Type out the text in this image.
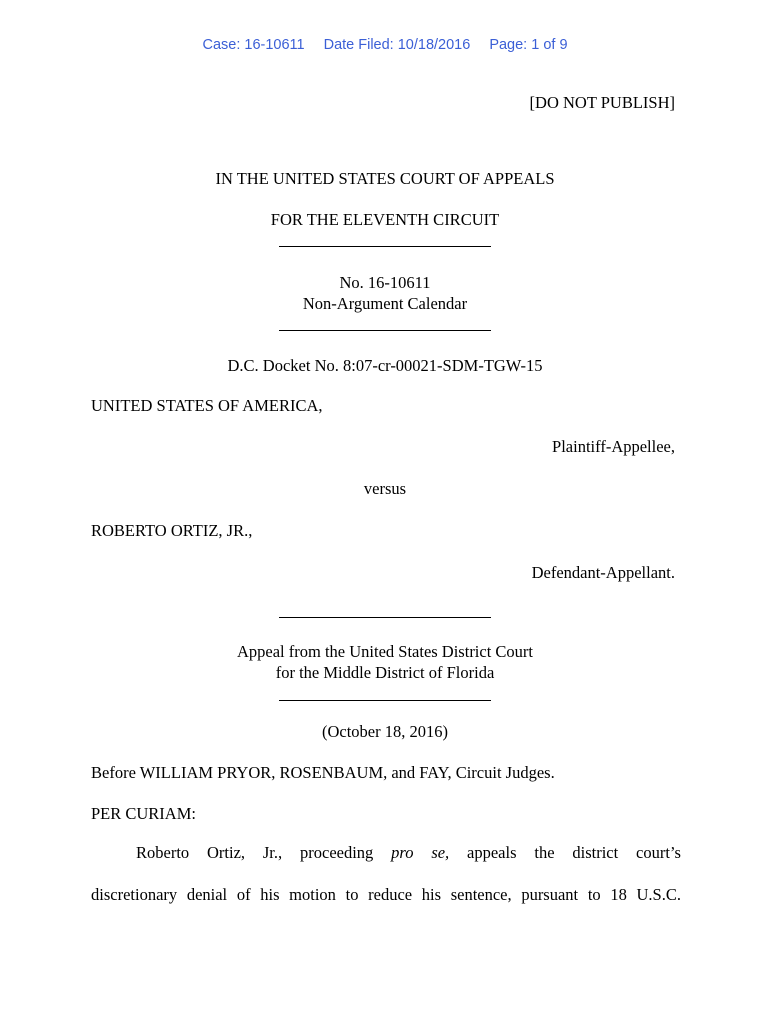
Case: 16-10611 Date Filed: 10/18/2016 Page: 1 of 9
[DO NOT PUBLISH]
IN THE UNITED STATES COURT OF APPEALS
FOR THE ELEVENTH CIRCUIT
No. 16-10611
Non-Argument Calendar
D.C. Docket No. 8:07-cr-00021-SDM-TGW-15
UNITED STATES OF AMERICA,
Plaintiff-Appellee,
versus
ROBERTO ORTIZ, JR.,
Defendant-Appellant.
Appeal from the United States District Court
for the Middle District of Florida
(October 18, 2016)
Before WILLIAM PRYOR, ROSENBAUM, and FAY, Circuit Judges.
PER CURIAM:
Roberto Ortiz, Jr., proceeding pro se, appeals the district court’s
discretionary denial of his motion to reduce his sentence, pursuant to 18 U.S.C.
